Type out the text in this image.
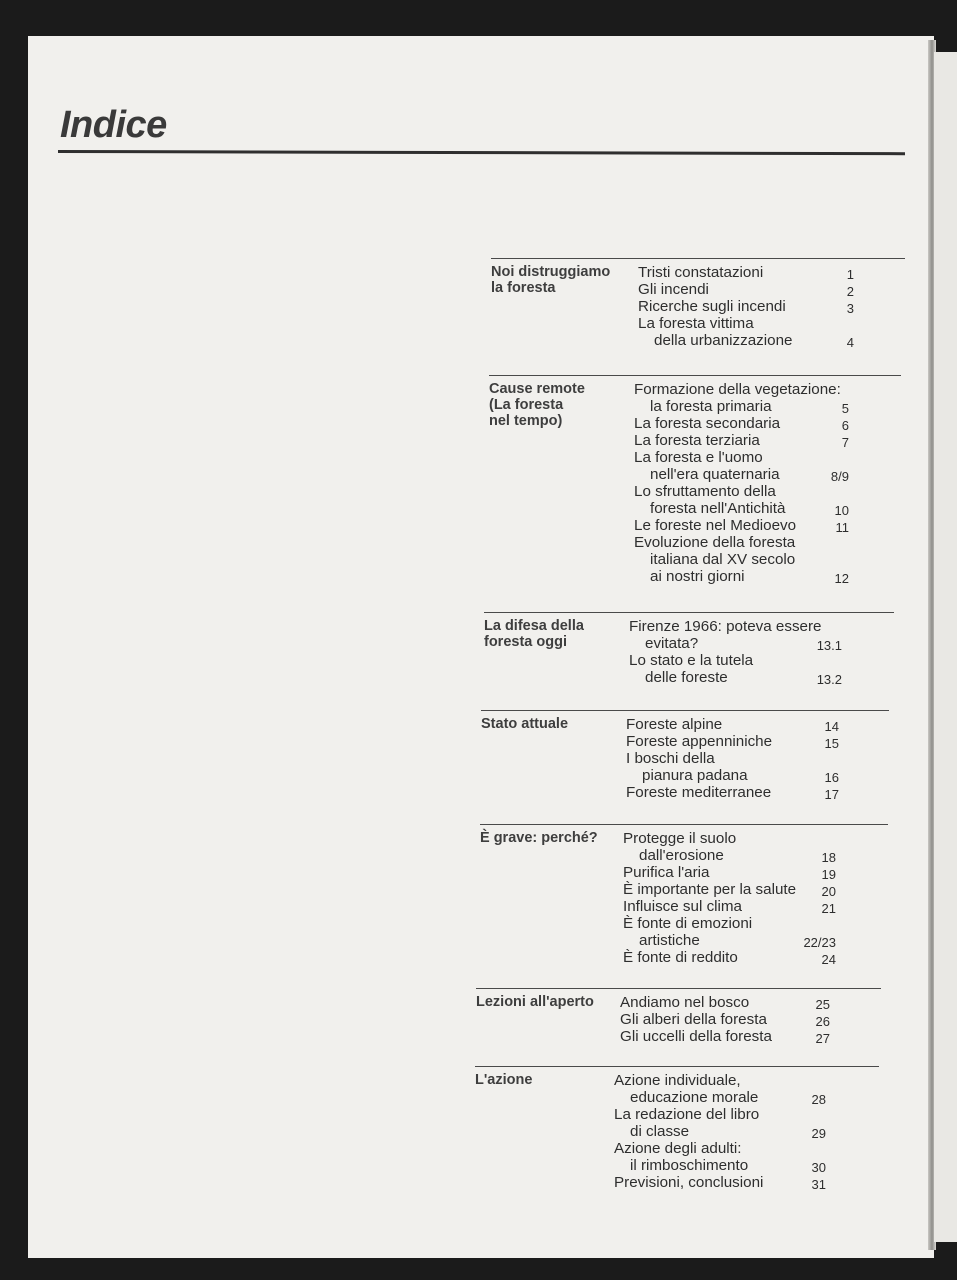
Indice
Noi distruggiamo
la foresta
Tristi constatazioni	1
Gli incendi	2
Ricerche sugli incendi	3
La foresta vittima
della urbanizzazione	4
Cause remote
(La foresta
nel tempo)
Formazione della vegetazione:
la foresta primaria	5
La foresta secondaria	6
La foresta terziaria	7
La foresta e l'uomo
nell'era quaternaria	8/9
Lo sfruttamento della
foresta nell'Antichità	10
Le foreste nel Medioevo	11
Evoluzione della foresta
italiana dal XV secolo
ai nostri giorni	12
La difesa della
foresta oggi
Firenze 1966: poteva essere
evitata?	13.1
Lo stato e la tutela
delle foreste	13.2
Stato attuale	Foreste alpine	14
Foreste appenniniche	15
I boschi della
pianura padana	16
Foreste mediterranee	17
È grave: perché?	Protegge il suolo
dall'erosione	18
Purifica l'aria	19
È importante per la salute	20
Influisce sul clima	21
È fonte di emozioni
artistiche	22/23
È fonte di reddito	24
Lezioni all'aperto	Andiamo nel bosco	25
Gli alberi della foresta	26
Gli uccelli della foresta	27
L'azione	Azione individuale,
educazione morale	28
La redazione del libro
di classe	29
Azione degli adulti:
il rimboschimento	30
Previsioni, conclusioni	31
